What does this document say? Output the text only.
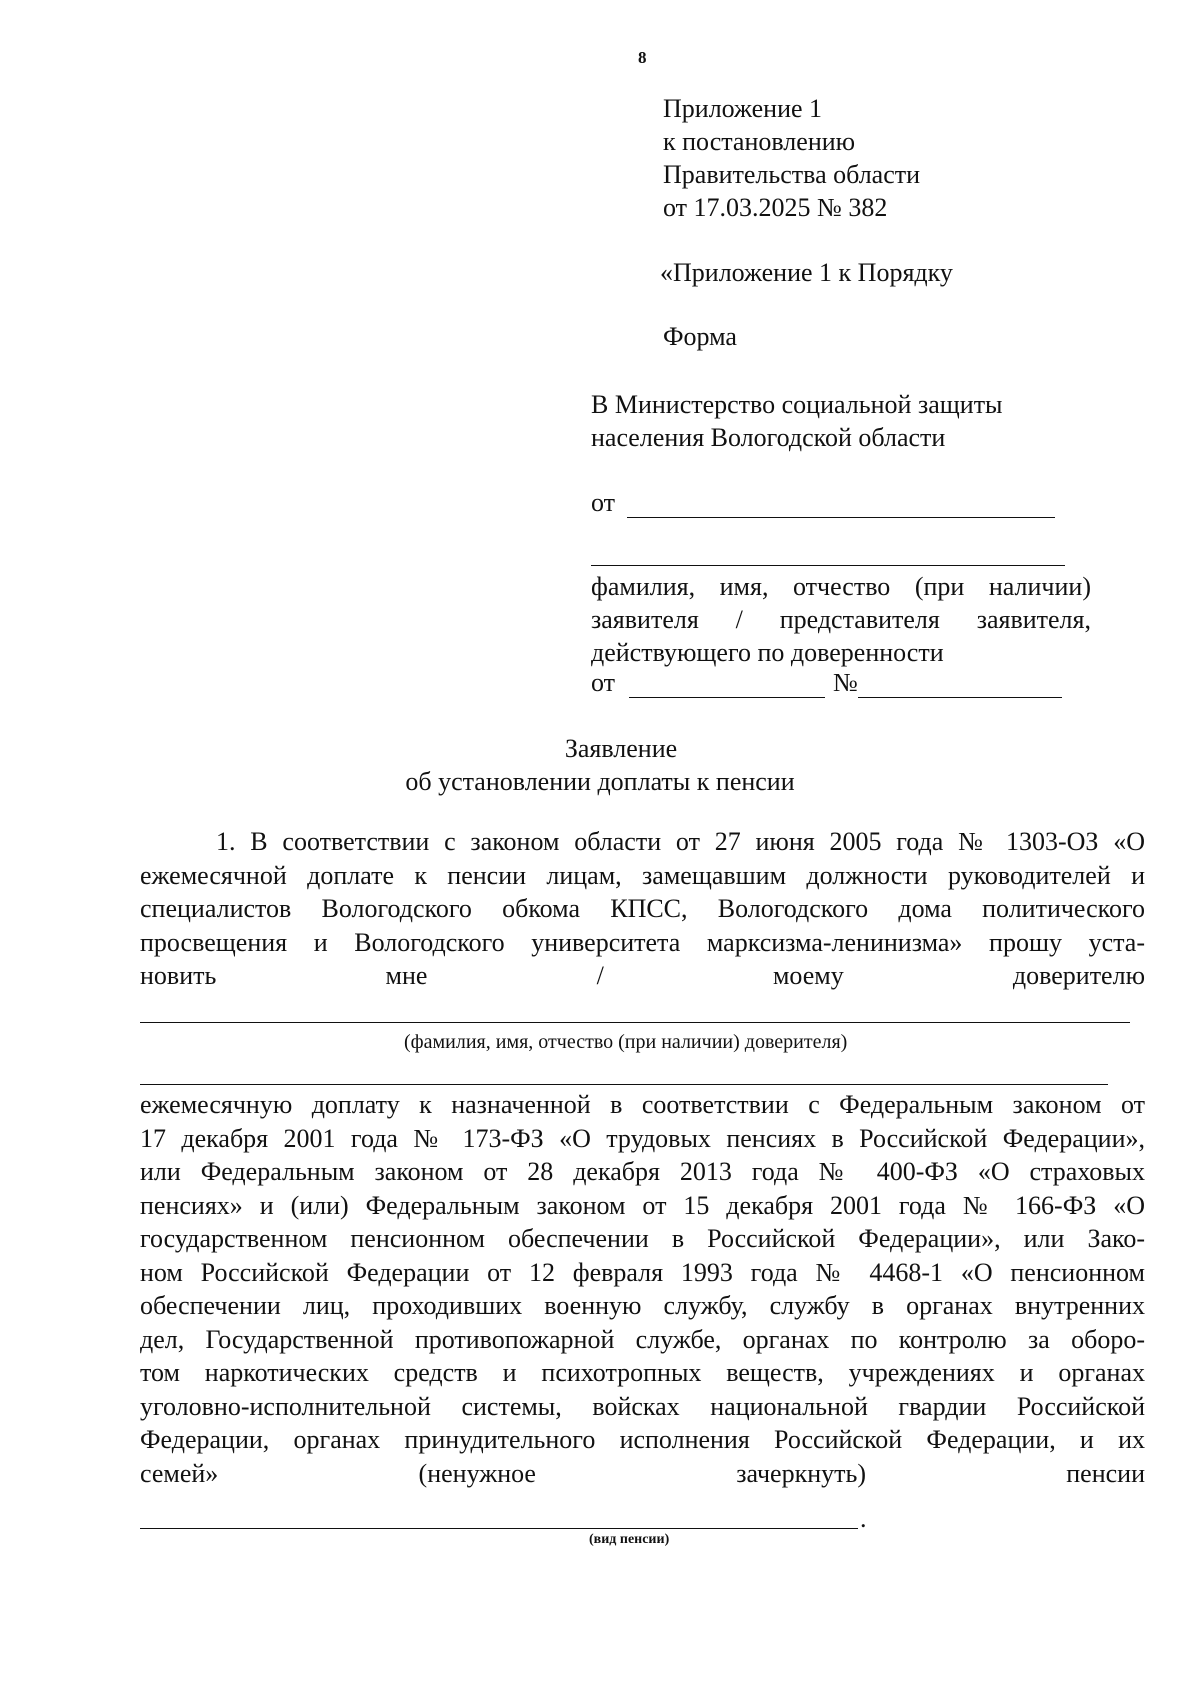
8
Приложение 1
к постановлению
Правительства области
от 17.03.2025 № 382
«Приложение 1 к Порядку
Форма
В Министерство социальной защиты
населения Вологодской области
от
фамилия, имя, отчество (при наличии)
заявителя / представителя заявителя,
действующего по доверенности
от	№
Заявление
об установлении доплаты к пенсии
1. В соответствии с законом области от 27 июня 2005 года № 1303-ОЗ «О
ежемесячной доплате к пенсии лицам, замещавшим должности руководителей и
специалистов Вологодского обкома КПСС, Вологодского дома политического
просвещения и Вологодского университета марксизма-ленинизма» прошу уста-
новить мне / моему доверителю
(фамилия, имя, отчество (при наличии) доверителя)
ежемесячную доплату к назначенной в соответствии с Федеральным законом от
17 декабря 2001 года № 173-ФЗ «О трудовых пенсиях в Российской Федерации»,
или Федеральным законом от 28 декабря 2013 года № 400-ФЗ «О страховых
пенсиях» и (или) Федеральным законом от 15 декабря 2001 года № 166-ФЗ «О
государственном пенсионном обеспечении в Российской Федерации», или Зако-
ном Российской Федерации от 12 февраля 1993 года № 4468-1 «О пенсионном
обеспечении лиц, проходивших военную службу, службу в органах внутренних
дел, Государственной противопожарной службе, органах по контролю за оборо-
том наркотических средств и психотропных веществ, учреждениях и органах
уголовно-исполнительной системы, войсках национальной гвардии Российской
Федерации, органах принудительного исполнения Российской Федерации, и их
семей» (ненужное зачеркнуть) пенсии
.
(вид пенсии)
